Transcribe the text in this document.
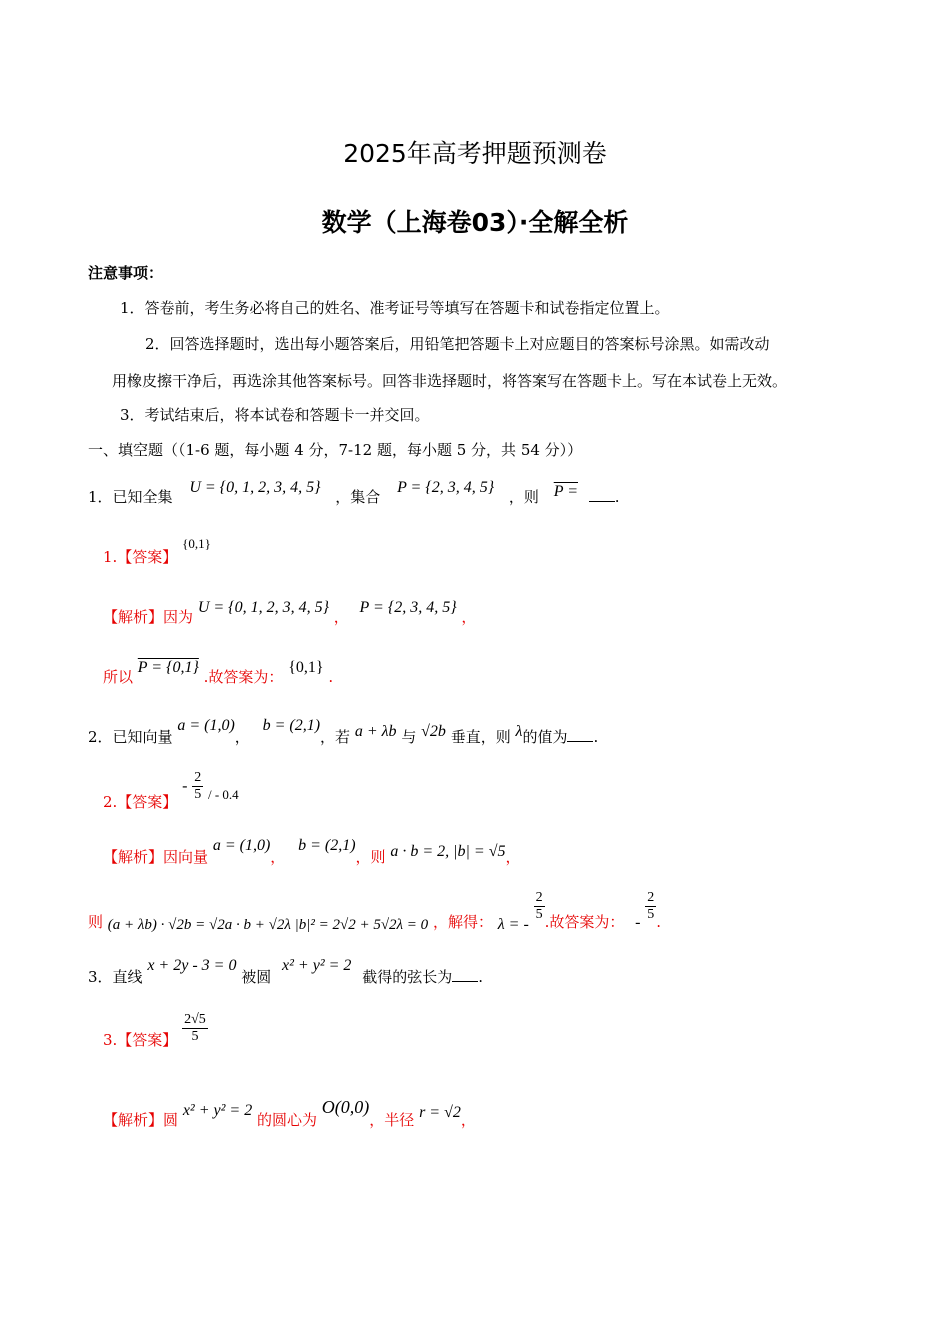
2025年高考押题预测卷
数学（上海卷03）·全解全析
注意事项：
1．答卷前，考生务必将自己的姓名、准考证号等填写在答题卡和试卷指定位置上。
2．回答选择题时，选出每小题答案后，用铅笔把答题卡上对应题目的答案标号涂黑。如需改动
用橡皮擦干净后，再选涂其他答案标号。回答非选择题时，将答案写在答题卡上。写在本试卷上无效。
3．考试结束后，将本试卷和答题卡一并交回。
一、填空题（（1-6 题，每小题 4 分，7-12 题，每小题 5 分，共 54 分））
1．已知全集 U = {0, 1, 2, 3, 4, 5} ，集合 P = {2, 3, 4, 5} ，则 P = .
1.【答案】 {0,1}
【解析】因为 U = {0, 1, 2, 3, 4, 5} ， P = {2, 3, 4, 5} ，
所以 P = {0,1} .故答案为： {0,1} .
2．已知向量 a = (1,0)， b = (2,1)，若 a + λb 与 √2b 垂直，则 λ的值为 .
2.【答案】 - $\frac{2}{5}$ / - 0.4
【解析】因向量 a = (1,0)， b = (2,1)，则 a · b = 2, |b| = √5，
则 (a + λb) · √2b = √2a · b + √2λ |b|² = 2√2 + 5√2λ = 0 ，解得： λ = -
$\frac{2}{5}$ .故答案为： - $\frac{2}{5}$ .
3．直线 x + 2y - 3 = 0 被圆 x² + y² = 2 截得的弦长为 .
3.【答案】 $\frac{2√5}{5}$
【解析】圆 x² + y² = 2 的圆心为 O(0,0)，半径 r = √2，
